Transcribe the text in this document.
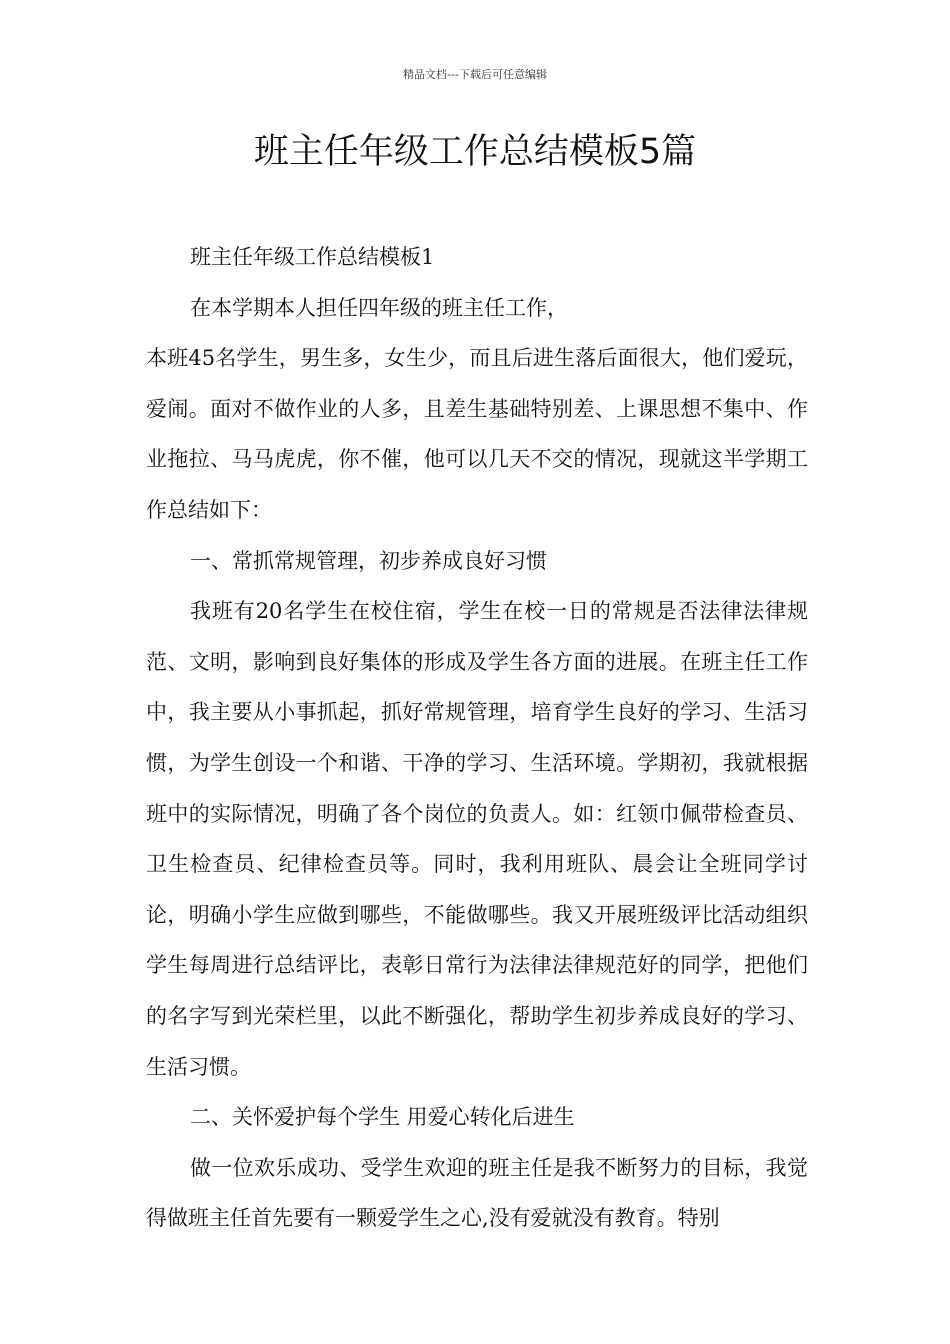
精品文档---下载后可任意编辑
班主任年级工作总结模板5篇

班主任年级工作总结模板1

在本学期本人担任四年级的班主任工作，

本班45名学生，男生多，女生少，而且后进生落后面很大，他们爱玩，爱闹。面对不做作业的人多，且差生基础特别差、上课思想不集中、作业拖拉、马马虎虎，你不催，他可以几天不交的情况，现就这半学期工作总结如下：

一、常抓常规管理，初步养成良好习惯

我班有20名学生在校住宿，学生在校一日的常规是否法律法律规范、文明，影响到良好集体的形成及学生各方面的进展。在班主任工作中，我主要从小事抓起，抓好常规管理，培育学生良好的学习、生活习惯，为学生创设一个和谐、干净的学习、生活环境。学期初，我就根据班中的实际情况，明确了各个岗位的负责人。如：红领巾佩带检查员、卫生检查员、纪律检查员等。同时，我利用班队、晨会让全班同学讨论，明确小学生应做到哪些，不能做哪些。我又开展班级评比活动组织学生每周进行总结评比，表彰日常行为法律法律规范好的同学，把他们的名字写到光荣栏里，以此不断强化，帮助学生初步养成良好的学习、生活习惯。

二、关怀爱护每个学生 用爱心转化后进生

做一位欢乐成功、受学生欢迎的班主任是我不断努力的目标，我觉得做班主任首先要有一颗爱学生之心,没有爱就没有教育。特别
